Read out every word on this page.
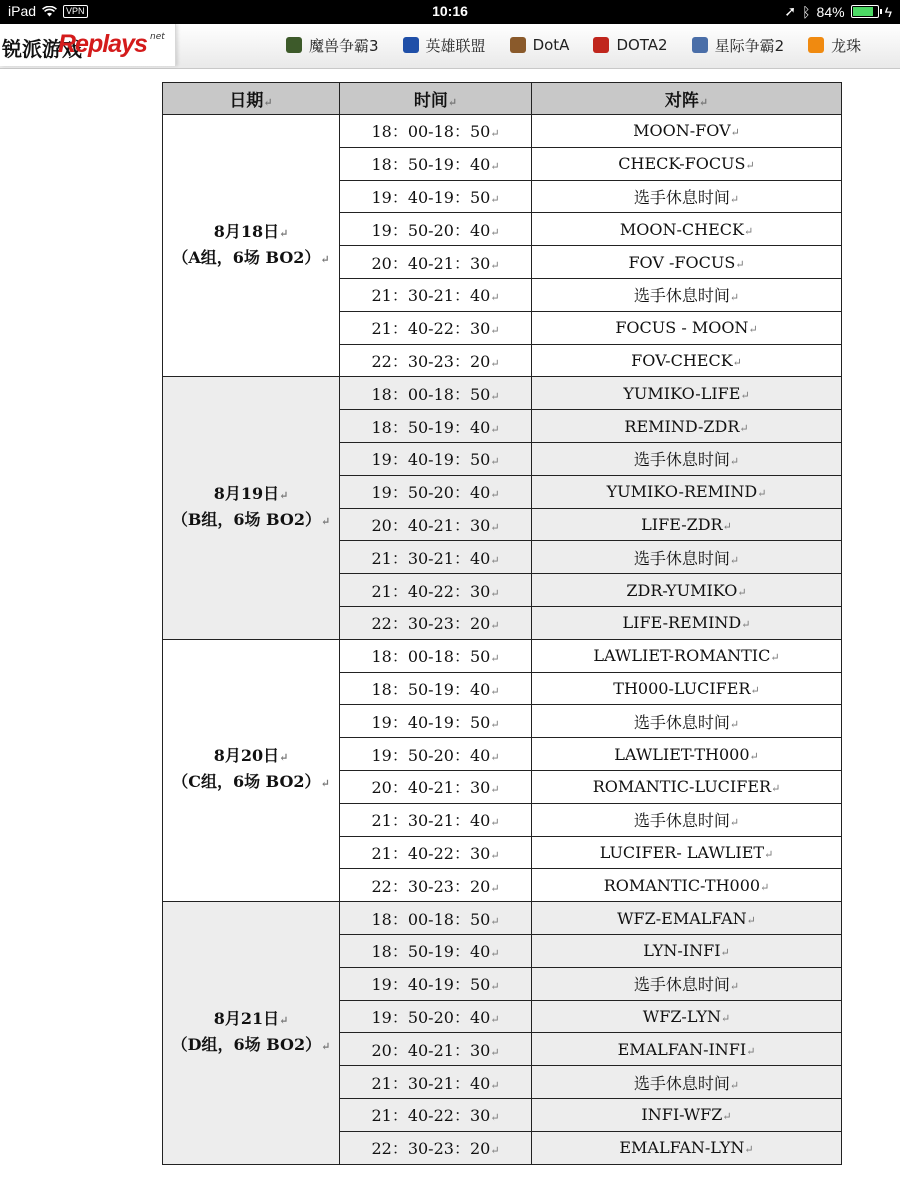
iPad	VPN	10:16	➚ ᛒ 84%	ϟ
锐派游戏
Replays net	魔兽争霸3	英雄联盟	DotA	DOTA2	星际争霸2	龙珠
日期↵	时间↵	对阵↵

8月18日↵
（A组，6场 BO2）↵	18：00-18：50↵	MOON-FOV↵
	18：50-19：40↵	CHECK-FOCUS↵
	19：40-19：50↵	选手休息时间↵
	19：50-20：40↵	MOON-CHECK↵
	20：40-21：30↵	FOV -FOCUS↵
	21：30-21：40↵	选手休息时间↵
	21：40-22：30↵	FOCUS - MOON↵
	22：30-23：20↵	FOV-CHECK↵

8月19日↵
（B组，6场 BO2）↵	18：00-18：50↵	YUMIKO-LIFE↵
	18：50-19：40↵	REMIND-ZDR↵
	19：40-19：50↵	选手休息时间↵
	19：50-20：40↵	YUMIKO-REMIND↵
	20：40-21：30↵	LIFE-ZDR↵
	21：30-21：40↵	选手休息时间↵
	21：40-22：30↵	ZDR-YUMIKO↵
	22：30-23：20↵	LIFE-REMIND↵

8月20日↵
（C组，6场 BO2）↵	18：00-18：50↵	LAWLIET-ROMANTIC↵
	18：50-19：40↵	TH000-LUCIFER↵
	19：40-19：50↵	选手休息时间↵
	19：50-20：40↵	LAWLIET-TH000↵
	20：40-21：30↵	ROMANTIC-LUCIFER↵
	21：30-21：40↵	选手休息时间↵
	21：40-22：30↵	LUCIFER- LAWLIET↵
	22：30-23：20↵	ROMANTIC-TH000↵

8月21日↵
（D组，6场 BO2）↵	18：00-18：50↵	WFZ-EMALFAN↵
	18：50-19：40↵	LYN-INFI↵
	19：40-19：50↵	选手休息时间↵
	19：50-20：40↵	WFZ-LYN↵
	20：40-21：30↵	EMALFAN-INFI↵
	21：30-21：40↵	选手休息时间↵
	21：40-22：30↵	INFI-WFZ↵
	22：30-23：20↵	EMALFAN-LYN↵
